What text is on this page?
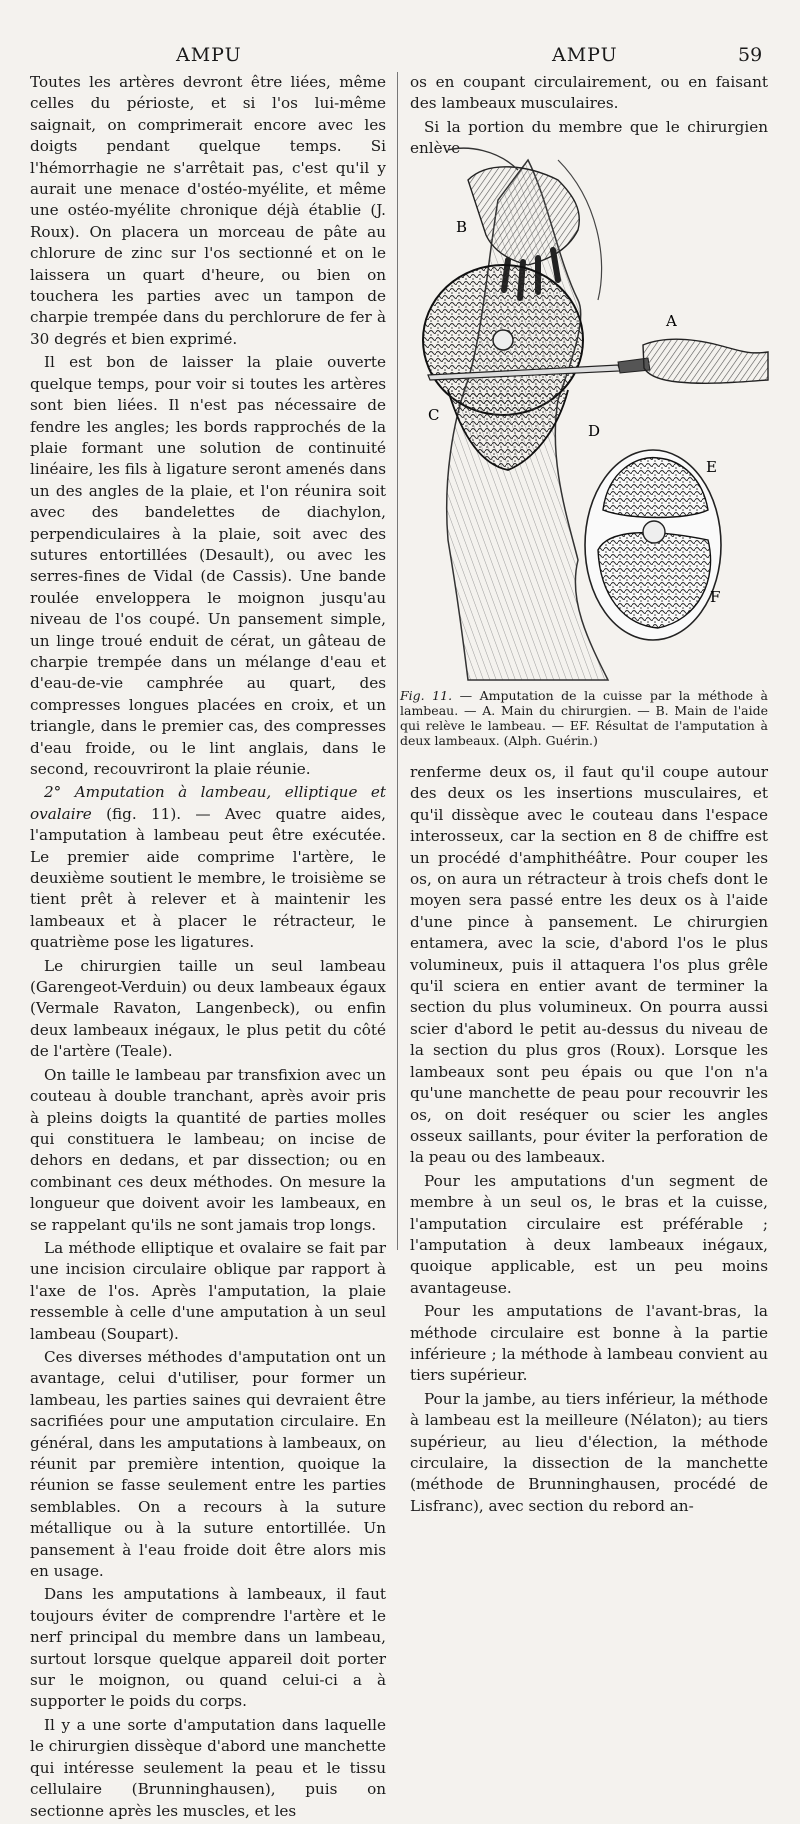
AMPU	AMPU	59

Toutes les artères devront être liées, même celles du périoste, et si l'os lui-même saignait, on comprimerait encore avec les doigts pendant quelque temps. Si l'hémorrhagie ne s'arrêtait pas, c'est qu'il y aurait une menace d'ostéo-myélite, et même une ostéo-myélite chronique déjà établie (J. Roux). On placera un morceau de pâte au chlorure de zinc sur l'os sectionné et on le laissera un quart d'heure, ou bien on touchera les parties avec un tampon de charpie trempée dans du perchlorure de fer à 30 degrés et bien exprimé.

Il est bon de laisser la plaie ouverte quelque temps, pour voir si toutes les artères sont bien liées. Il n'est pas nécessaire de fendre les angles; les bords rapprochés de la plaie formant une solution de continuité linéaire, les fils à ligature seront amenés dans un des angles de la plaie, et l'on réunira soit avec des bandelettes de diachylon, perpendiculaires à la plaie, soit avec des sutures entortillées (Desault), ou avec les serres-fines de Vidal (de Cassis). Une bande roulée enveloppera le moignon jusqu'au niveau de l'os coupé. Un pansement simple, un linge troué enduit de cérat, un gâteau de charpie trempée dans un mélange d'eau et d'eau-de-vie camphrée au quart, des compresses longues placées en croix, et un triangle, dans le premier cas, des compresses d'eau froide, ou le lint anglais, dans le second, recouvriront la plaie réunie.

2° Amputation à lambeau, elliptique et ovalaire (fig. 11). — Avec quatre aides, l'amputation à lambeau peut être exécutée. Le premier aide comprime l'artère, le deuxième soutient le membre, le troisième se tient prêt à relever et à maintenir les lambeaux et à placer le rétracteur, le quatrième pose les ligatures.

Le chirurgien taille un seul lambeau (Garengeot-Verduin) ou deux lambeaux égaux (Vermale Ravaton, Langenbeck), ou enfin deux lambeaux inégaux, le plus petit du côté de l'artère (Teale).

On taille le lambeau par transfixion avec un couteau à double tranchant, après avoir pris à pleins doigts la quantité de parties molles qui constituera le lambeau; on incise de dehors en dedans, et par dissection; ou en combinant ces deux méthodes. On mesure la longueur que doivent avoir les lambeaux, en se rappelant qu'ils ne sont jamais trop longs.

La méthode elliptique et ovalaire se fait par une incision circulaire oblique par rapport à l'axe de l'os. Après l'amputation, la plaie ressemble à celle d'une amputation à un seul lambeau (Soupart).

Ces diverses méthodes d'amputation ont un avantage, celui d'utiliser, pour former un lambeau, les parties saines qui devraient être sacrifiées pour une amputation circulaire. En général, dans les amputations à lambeaux, on réunit par première intention, quoique la réunion se fasse seulement entre les parties semblables. On a recours à la suture métallique ou à la suture entortillée. Un pansement à l'eau froide doit être alors mis en usage.

Dans les amputations à lambeaux, il faut toujours éviter de comprendre l'artère et le nerf principal du membre dans un lambeau, surtout lorsque quelque appareil doit porter sur le moignon, ou quand celui-ci a à supporter le poids du corps.

Il y a une sorte d'amputation dans laquelle le chirurgien dissèque d'abord une manchette qui intéresse seulement la peau et le tissu cellulaire (Brunninghausen), puis on sectionne après les muscles, et les

os en coupant circulairement, ou en faisant des lambeaux musculaires.

Si la portion du membre que le chirurgien enlève

B
A
C
D
E
F
Fig. 11. — Amputation de la cuisse par la méthode à lambeau. — A. Main du chirurgien. — B. Main de l'aide qui relève le lambeau. — EF. Résultat de l'amputation à deux lambeaux. (Alph. Guérin.)

renferme deux os, il faut qu'il coupe autour des deux os les insertions musculaires, et qu'il dissèque avec le couteau dans l'espace interosseux, car la section en 8 de chiffre est un procédé d'amphithéâtre. Pour couper les os, on aura un rétracteur à trois chefs dont le moyen sera passé entre les deux os à l'aide d'une pince à pansement. Le chirurgien entamera, avec la scie, d'abord l'os le plus volumineux, puis il attaquera l'os plus grêle qu'il sciera en entier avant de terminer la section du plus volumineux. On pourra aussi scier d'abord le petit au-dessus du niveau de la section du plus gros (Roux). Lorsque les lambeaux sont peu épais ou que l'on n'a qu'une manchette de peau pour recouvrir les os, on doit reséquer ou scier les angles osseux saillants, pour éviter la perforation de la peau ou des lambeaux.

Pour les amputations d'un segment de membre à un seul os, le bras et la cuisse, l'amputation circulaire est préférable ; l'amputation à deux lambeaux inégaux, quoique applicable, est un peu moins avantageuse.

Pour les amputations de l'avant-bras, la méthode circulaire est bonne à la partie inférieure ; la méthode à lambeau convient au tiers supérieur.

Pour la jambe, au tiers inférieur, la méthode à lambeau est la meilleure (Nélaton); au tiers supérieur, au lieu d'élection, la méthode circulaire, la dissection de la manchette (méthode de Brunninghausen, procédé de Lisfranc), avec section du rebord an-
